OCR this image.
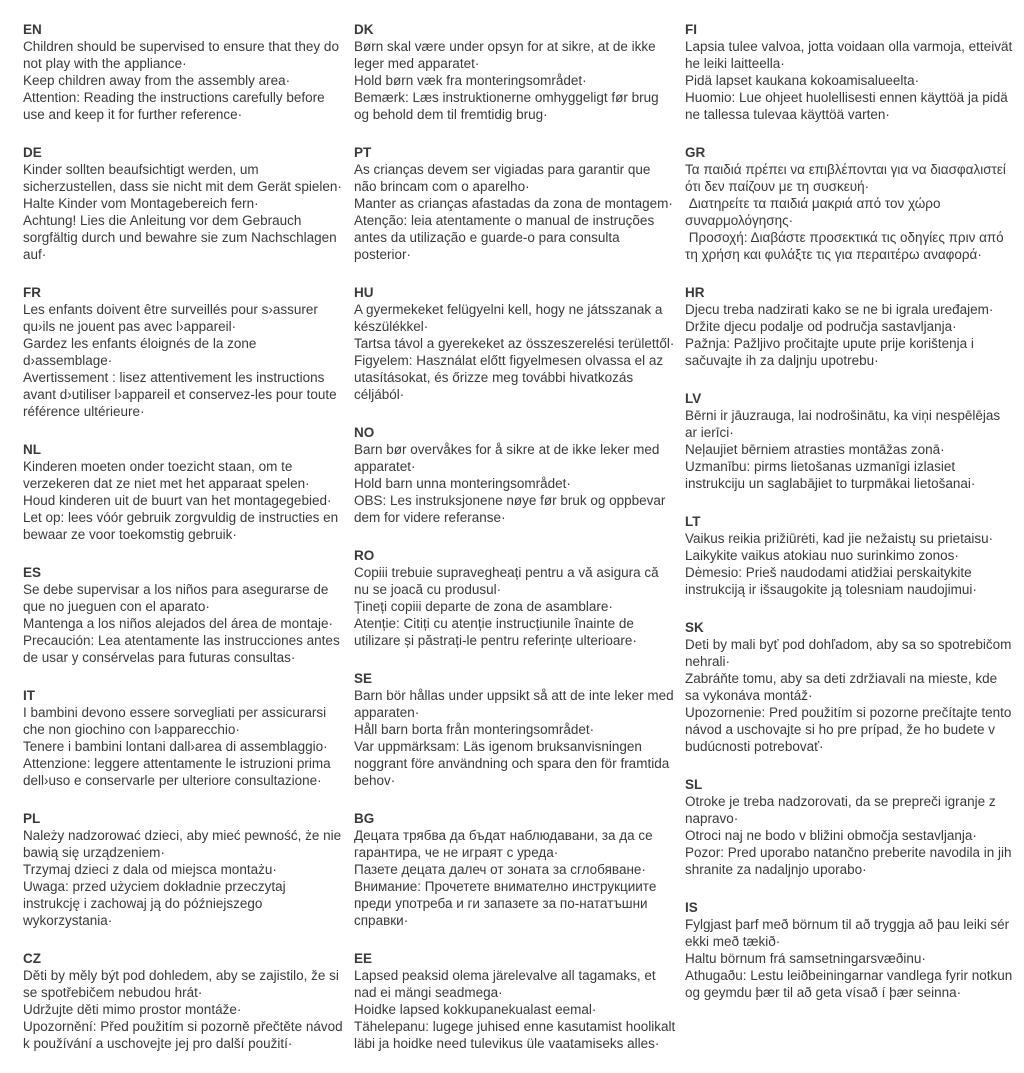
EN

Children should be supervised to ensure that they do not play with the appliance·

Keep children away from the assembly area·

Attention: Reading the instructions carefully before use and keep it for further reference·

DE

Kinder sollten beaufsichtigt werden, um sicherzustellen, dass sie nicht mit dem Gerät spielen·

Halte Kinder vom Montagebereich fern·

Achtung! Lies die Anleitung vor dem Gebrauch sorgfältig durch und bewahre sie zum Nachschlagen auf·

FR

Les enfants doivent être surveillés pour s›assurer qu›ils ne jouent pas avec l›appareil·

Gardez les enfants éloignés de la zone d›assemblage·

Avertissement : lisez attentivement les instructions avant d›utiliser l›appareil et conservez-les pour toute référence ultérieure·

NL

Kinderen moeten onder toezicht staan, om te verzekeren dat ze niet met het apparaat spelen·

Houd kinderen uit de buurt van het montagegebied·

Let op: lees vóór gebruik zorgvuldig de instructies en bewaar ze voor toekomstig gebruik·

ES

Se debe supervisar a los niños para asegurarse de que no jueguen con el aparato·

Mantenga a los niños alejados del área de montaje·

Precaución: Lea atentamente las instrucciones antes de usar y consérvelas para futuras consultas·

IT

I bambini devono essere sorvegliati per assicurarsi che non giochino con l›apparecchio·

Tenere i bambini lontani dall›area di assemblaggio·

Attenzione: leggere attentamente le istruzioni prima dell›uso e conservarle per ulteriore consultazione·

PL

Należy nadzorować dzieci, aby mieć pewność, że nie bawią się urządzeniem·

Trzymaj dzieci z dala od miejsca montażu·

Uwaga: przed użyciem dokładnie przeczytaj instrukcję i zachowaj ją do późniejszego wykorzystania·

CZ

Děti by měly být pod dohledem, aby se zajistilo, že si se spotřebičem nebudou hrát·

Udržujte děti mimo prostor montáže·

Upozornění: Před použitím si pozorně přečtěte návod k používání a uschovejte jej pro další použití·

DK

Børn skal være under opsyn for at sikre, at de ikke leger med apparatet·

Hold børn væk fra monteringsområdet·

Bemærk: Læs instruktionerne omhyggeligt før brug og behold dem til fremtidig brug·

PT

As crianças devem ser vigiadas para garantir que não brincam com o aparelho·

Manter as crianças afastadas da zona de montagem·

Atenção: leia atentamente o manual de instruções antes da utilização e guarde-o para consulta posterior·

HU

A gyermekeket felügyelni kell, hogy ne játsszanak a készülékkel·

Tartsa távol a gyerekeket az összeszerelési területtől·

Figyelem: Használat előtt figyelmesen olvassa el az utasításokat, és őrizze meg további hivatkozás céljából·

NO

Barn bør overvåkes for å sikre at de ikke leker med apparatet·

Hold barn unna monteringsområdet·

OBS: Les instruksjonene nøye før bruk og oppbevar dem for videre referanse·

RO

Copiii trebuie supravegheați pentru a vă asigura că nu se joacă cu produsul·

Țineți copiii departe de zona de asamblare·

Atenție: Citiți cu atenție instrucțiunile înainte de utilizare și păstrați-le pentru referințe ulterioare·

SE

Barn bör hållas under uppsikt så att de inte leker med apparaten·

Håll barn borta från monteringsområdet·

Var uppmärksam: Läs igenom bruksanvisningen noggrant före användning och spara den för framtida behov·

BG

Децата трябва да бъдат наблюдавани, за да се гарантира, че не играят с уреда·

Пазете децата далеч от зоната за сглобяване·

Внимание: Прочетете внимателно инструкциите преди употреба и ги запазете за по-нататъшни справки·

EE

Lapsed peaksid olema järelevalve all tagamaks, et nad ei mängi seadmega·

Hoidke lapsed kokkupanekualast eemal·

Tähelepanu: lugege juhised enne kasutamist hoolikalt läbi ja hoidke need tulevikus üle vaatamiseks alles·

FI

Lapsia tulee valvoa, jotta voidaan olla varmoja, etteivät he leiki laitteella·

Pidä lapset kaukana kokoamisalueelta·

Huomio: Lue ohjeet huolellisesti ennen käyttöä ja pidä ne tallessa tulevaa käyttöä varten·

GR

Τα παιδιά πρέπει να επιβλέπονται για να διασφαλιστεί ότι δεν παίζουν με τη συσκευή·

Διατηρείτε τα παιδιά μακριά από τον χώρο συναρμολόγησης·

Προσοχή: Διαβάστε προσεκτικά τις οδηγίες πριν από τη χρήση και φυλάξτε τις για περαιτέρω αναφορά·

HR

Djecu treba nadzirati kako se ne bi igrala uređajem·

Držite djecu podalje od područja sastavljanja·

Pažnja: Pažljivo pročitajte upute prije korištenja i sačuvajte ih za daljnju upotrebu·

LV

Bērni ir jāuzrauga, lai nodrošinātu, ka viņi nespēlējas ar ierīci·

Neļaujiet bērniem atrasties montāžas zonā·

Uzmanību: pirms lietošanas uzmanīgi izlasiet instrukciju un saglabājiet to turpmākai lietošanai·

LT

Vaikus reikia prižiūrėti, kad jie nežaistų su prietaisu·

Laikykite vaikus atokiau nuo surinkimo zonos·

Dėmesio: Prieš naudodami atidžiai perskaitykite instrukciją ir išsaugokite ją tolesniam naudojimui·

SK

Deti by mali byť pod dohľadom, aby sa so spotrebičom nehrali·

Zabráňte tomu, aby sa deti zdržiavali na mieste, kde sa vykonáva montáž·

Upozornenie: Pred použitím si pozorne prečítajte tento návod a uschovajte si ho pre prípad, že ho budete v budúcnosti potrebovať·

SL

Otroke je treba nadzorovati, da se prepreči igranje z napravo·

Otroci naj ne bodo v bližini območja sestavljanja·

Pozor: Pred uporabo natančno preberite navodila in jih shranite za nadaljnjo uporabo·

IS

Fylgjast þarf með börnum til að tryggja að þau leiki sér ekki með tækið·

Haltu börnum frá samsetningarsvæðinu·

Athugaðu: Lestu leiðbeiningarnar vandlega fyrir notkun og geymdu þær til að geta vísað í þær seinna·
